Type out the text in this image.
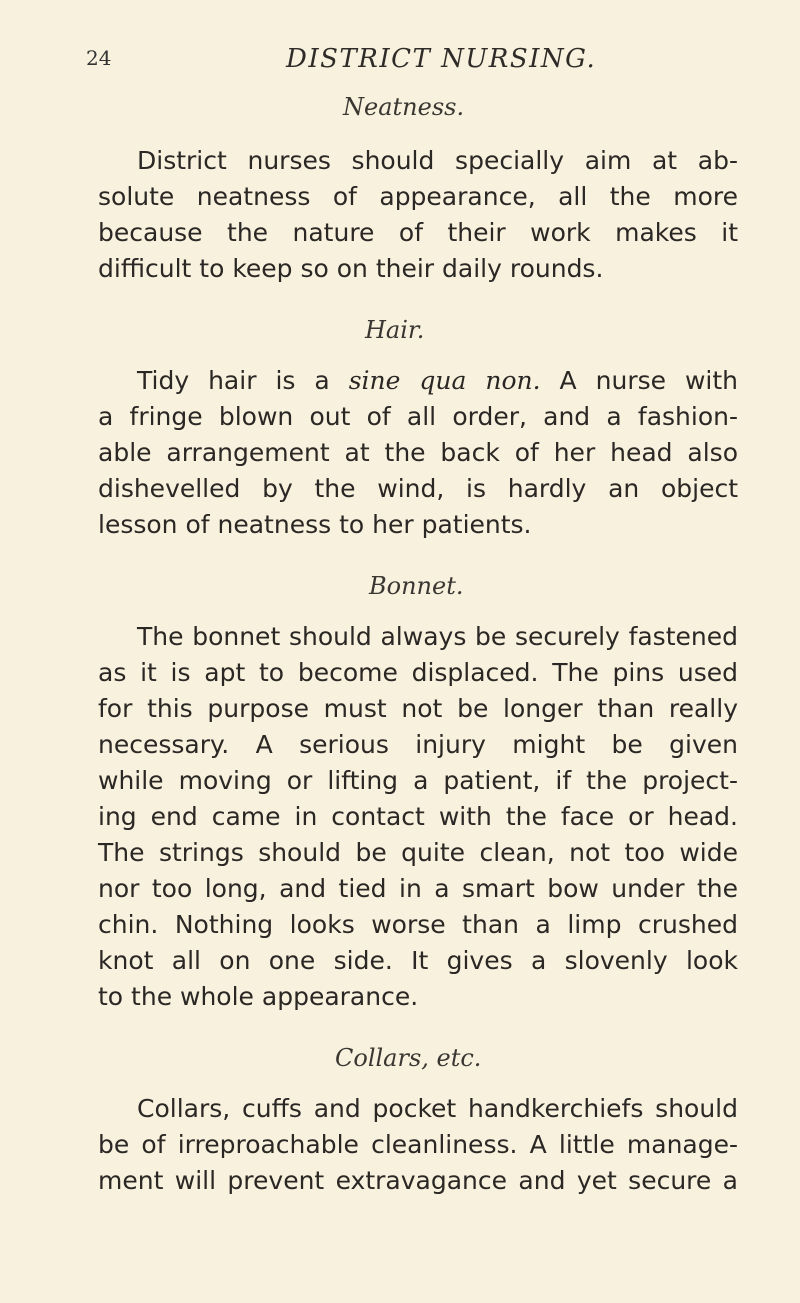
24	DISTRICT NURSING.
Neatness.
District nurses should specially aim at ab-
solute neatness of appearance, all the more
because the nature of their work makes it
difficult to keep so on their daily rounds.
Hair.
Tidy hair is a sine qua non. A nurse with
a fringe blown out of all order, and a fashion-
able arrangement at the back of her head also
dishevelled by the wind, is hardly an object
lesson of neatness to her patients.
Bonnet.
The bonnet should always be securely fastened
as it is apt to become displaced. The pins used
for this purpose must not be longer than really
necessary. A serious injury might be given
while moving or lifting a patient, if the project-
ing end came in contact with the face or head.
The strings should be quite clean, not too wide
nor too long, and tied in a smart bow under the
chin. Nothing looks worse than a limp crushed
knot all on one side. It gives a slovenly look
to the whole appearance.
Collars, etc.
Collars, cuffs and pocket handkerchiefs should
be of irreproachable cleanliness. A little manage-
ment will prevent extravagance and yet secure a
